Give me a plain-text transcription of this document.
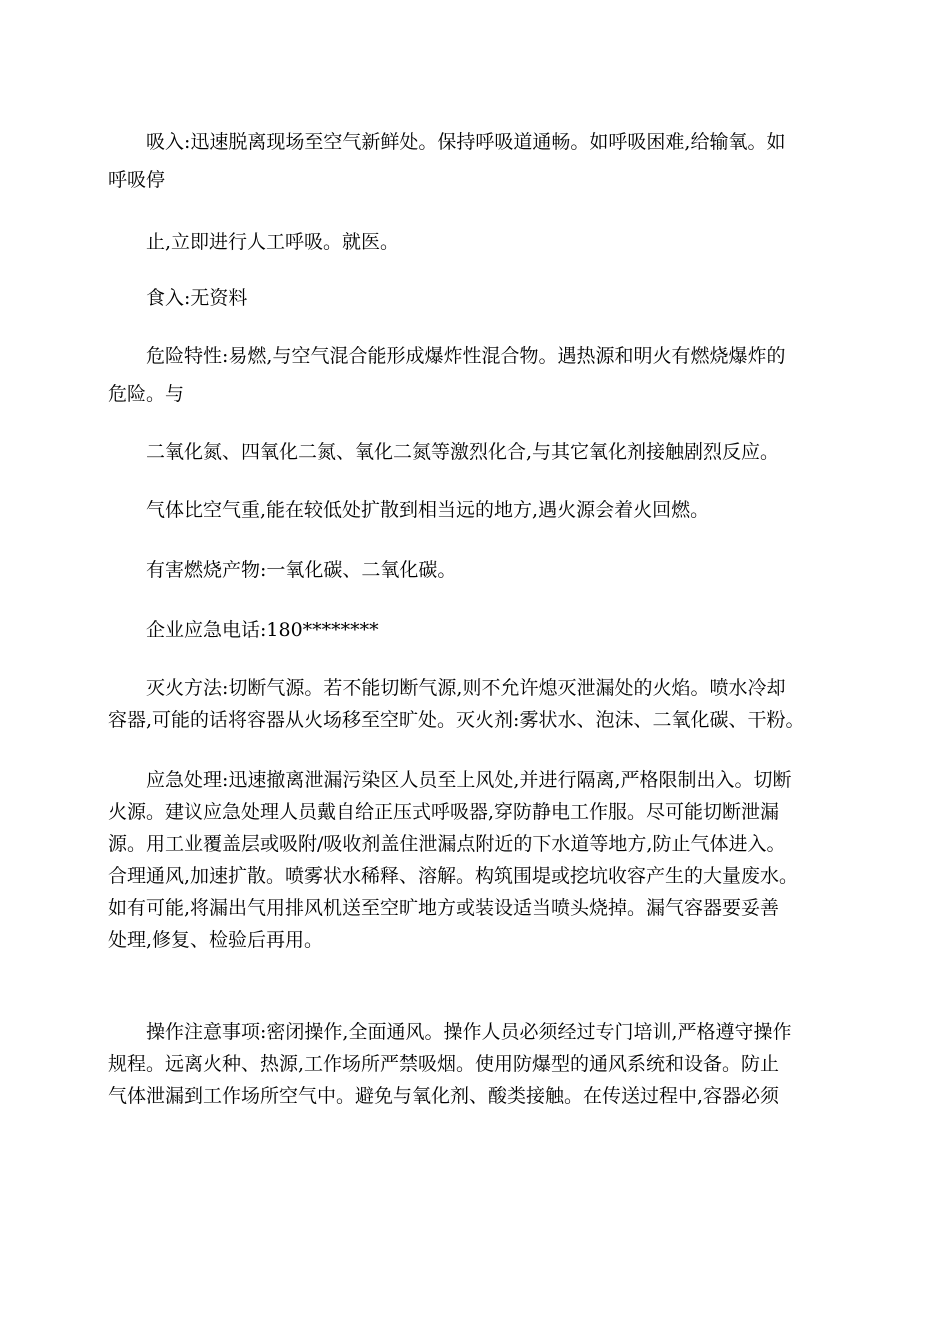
吸入:迅速脱离现场至空气新鲜处。保持呼吸道通畅。如呼吸困难,给输氧。如
呼吸停
止,立即进行人工呼吸。就医。
食入:无资料
危险特性:易燃,与空气混合能形成爆炸性混合物。遇热源和明火有燃烧爆炸的
危险。与
二氧化氮、四氧化二氮、氧化二氮等激烈化合,与其它氧化剂接触剧烈反应。
气体比空气重,能在较低处扩散到相当远的地方,遇火源会着火回燃。
有害燃烧产物:一氧化碳、二氧化碳。
企业应急电话:180********
灭火方法:切断气源。若不能切断气源,则不允许熄灭泄漏处的火焰。喷水冷却
容器,可能的话将容器从火场移至空旷处。灭火剂:雾状水、泡沫、二氧化碳、干粉。
应急处理:迅速撤离泄漏污染区人员至上风处,并进行隔离,严格限制出入。切断
火源。建议应急处理人员戴自给正压式呼吸器,穿防静电工作服。尽可能切断泄漏
源。用工业覆盖层或吸附/吸收剂盖住泄漏点附近的下水道等地方,防止气体进入。
合理通风,加速扩散。喷雾状水稀释、溶解。构筑围堤或挖坑收容产生的大量废水。
如有可能,将漏出气用排风机送至空旷地方或装设适当喷头烧掉。漏气容器要妥善
处理,修复、检验后再用。
操作注意事项:密闭操作,全面通风。操作人员必须经过专门培训,严格遵守操作
规程。远离火种、热源,工作场所严禁吸烟。使用防爆型的通风系统和设备。防止
气体泄漏到工作场所空气中。避免与氧化剂、酸类接触。在传送过程中,容器必须
